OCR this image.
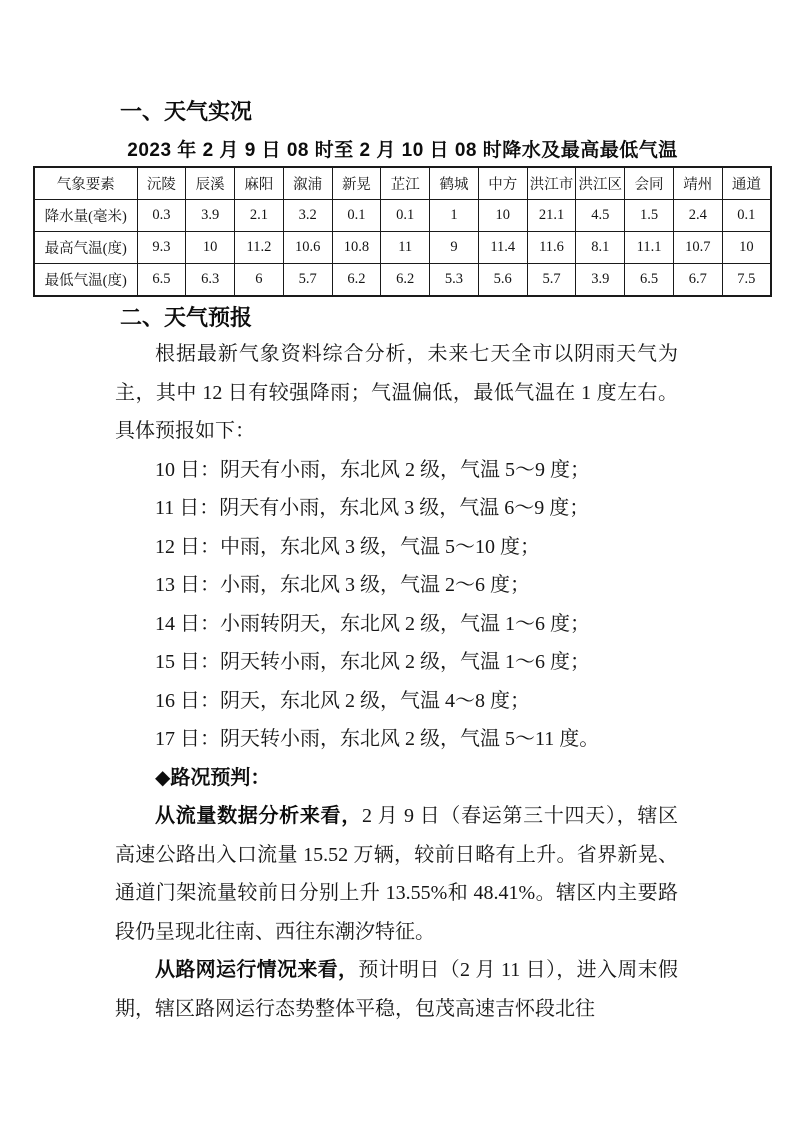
一、天气实况
2023 年 2 月 9 日 08 时至 2 月 10 日 08 时降水及最高最低气温
气象要素	沅陵	辰溪	麻阳	溆浦	新晃	芷江	鹤城	中方	洪江市	洪江区	会同	靖州	通道
降水量(毫米)	0.3	3.9	2.1	3.2	0.1	0.1	1	10	21.1	4.5	1.5	2.4	0.1
最高气温(度)	9.3	10	11.2	10.6	10.8	11	9	11.4	11.6	8.1	11.1	10.7	10
最低气温(度)	6.5	6.3	6	5.7	6.2	6.2	5.3	5.6	5.7	3.9	6.5	6.7	7.5
二、天气预报

根据最新气象资料综合分析，未来七天全市以阴雨天气为主，其中 12 日有较强降雨；气温偏低，最低气温在 1 度左右。具体预报如下：

10 日：阴天有小雨，东北风 2 级，气温 5～9 度；

11 日：阴天有小雨，东北风 3 级，气温 6～9 度；

12 日：中雨，东北风 3 级，气温 5～10 度；

13 日：小雨，东北风 3 级，气温 2～6 度；

14 日：小雨转阴天，东北风 2 级，气温 1～6 度；

15 日：阴天转小雨，东北风 2 级，气温 1～6 度；

16 日：阴天，东北风 2 级，气温 4～8 度；

17 日：阴天转小雨，东北风 2 级，气温 5～11 度。

◆路况预判：

从流量数据分析来看，2 月 9 日（春运第三十四天），辖区高速公路出入口流量 15.52 万辆，较前日略有上升。省界新晃、通道门架流量较前日分别上升 13.55%和 48.41%。辖区内主要路段仍呈现北往南、西往东潮汐特征。

从路网运行情况来看，预计明日（2 月 11 日），进入周末假期，辖区路网运行态势整体平稳，包茂高速吉怀段北往
